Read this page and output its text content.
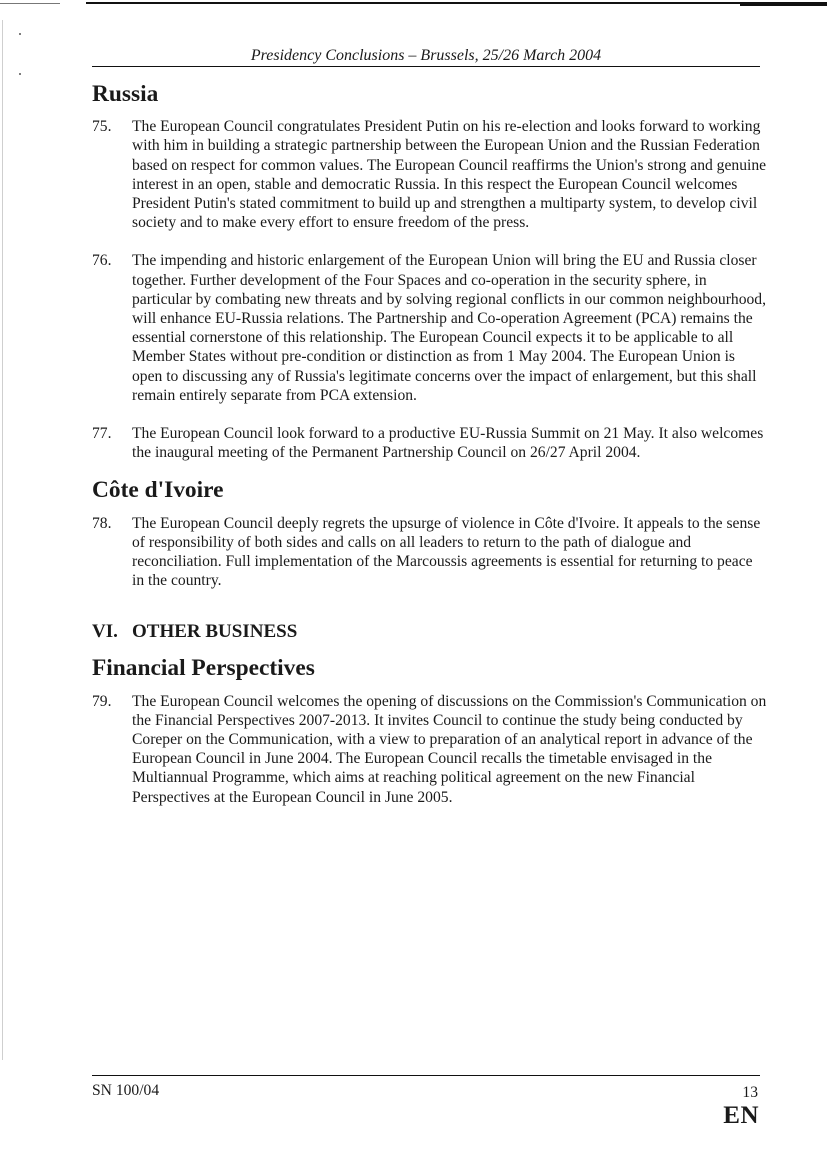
Presidency Conclusions – Brussels, 25/26 March 2004
Russia
75.	The European Council congratulates President Putin on his re-election and looks forward to working with him in building a strategic partnership between the European Union and the Russian Federation based on respect for common values. The European Council reaffirms the Union's strong and genuine interest in an open, stable and democratic Russia. In this respect the European Council welcomes President Putin's stated commitment to build up and strengthen a multiparty system, to develop civil society and to make every effort to ensure freedom of the press.

76.	The impending and historic enlargement of the European Union will bring the EU and Russia closer together. Further development of the Four Spaces and co-operation in the security sphere, in particular by combating new threats and by solving regional conflicts in our common neighbourhood, will enhance EU-Russia relations. The Partnership and Co-operation Agreement (PCA) remains the essential cornerstone of this relationship. The European Council expects it to be applicable to all Member States without pre-condition or distinction as from 1 May 2004. The European Union is open to discussing any of Russia's legitimate concerns over the impact of enlargement, but this shall remain entirely separate from PCA extension.

77.	The European Council look forward to a productive EU-Russia Summit on 21 May. It also welcomes the inaugural meeting of the Permanent Partnership Council on 26/27 April 2004.

Côte d'Ivoire
78.	The European Council deeply regrets the upsurge of violence in Côte d'Ivoire. It appeals to the sense of responsibility of both sides and calls on all leaders to return to the path of dialogue and reconciliation. Full implementation of the Marcoussis agreements is essential for returning to peace in the country.

VI. OTHER BUSINESS
Financial Perspectives
79.	The European Council welcomes the opening of discussions on the Commission's Communication on the Financial Perspectives 2007-2013. It invites Council to continue the study being conducted by Coreper on the Communication, with a view to preparation of an analytical report in advance of the European Council in June 2004. The European Council recalls the timetable envisaged in the Multiannual Programme, which aims at reaching political agreement on the new Financial Perspectives at the European Council in June 2005.

SN 100/04	13
EN
